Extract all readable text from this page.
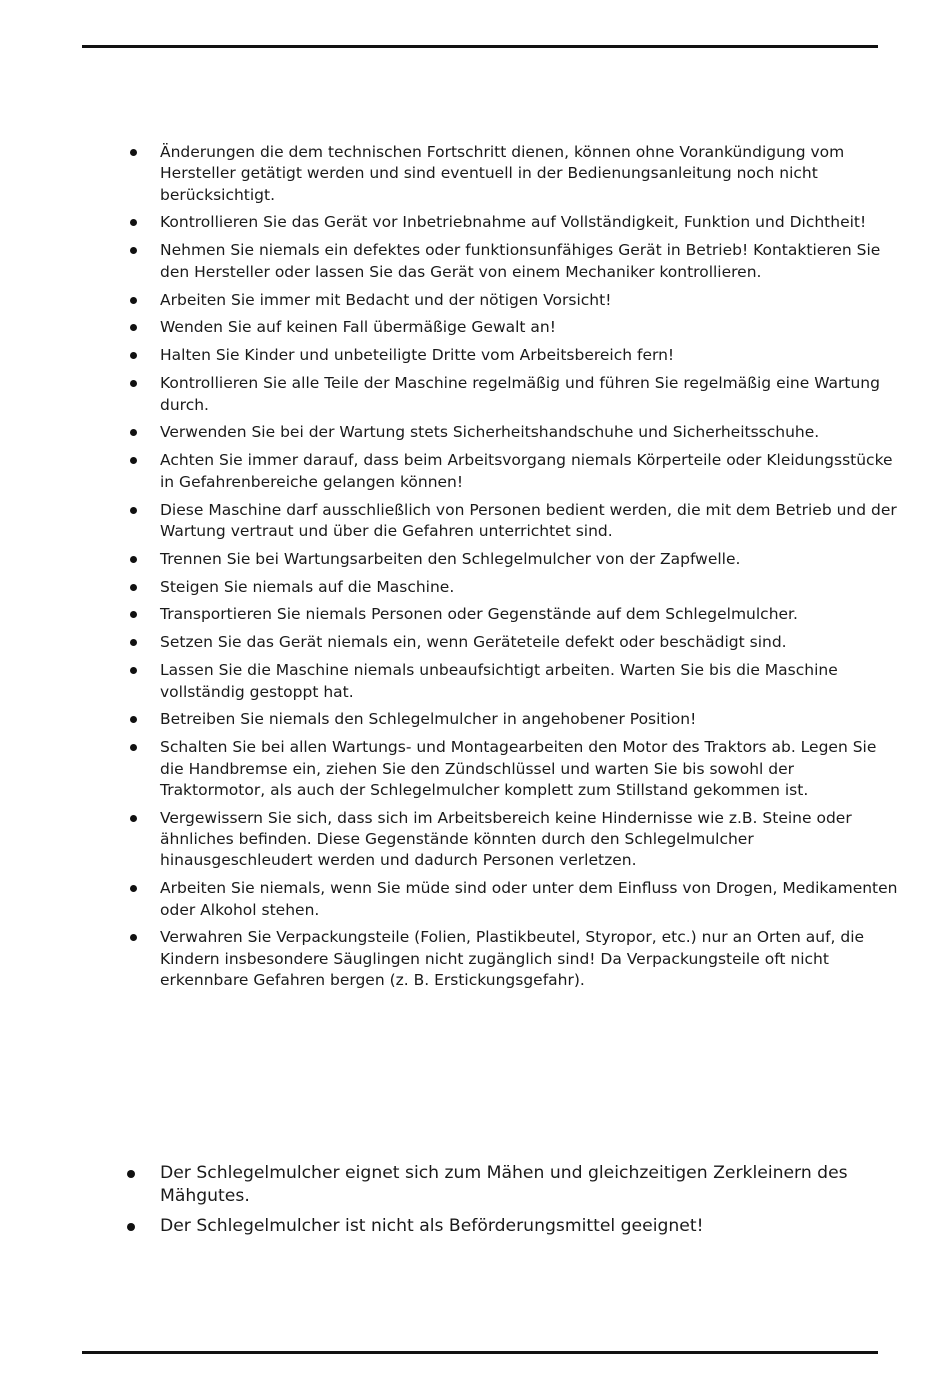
Änderungen die dem technischen Fortschritt dienen, können ohne Vorankündigung vom Hersteller getätigt werden und sind eventuell in der Bedienungsanleitung noch nicht berücksichtigt.
Kontrollieren Sie das Gerät vor Inbetriebnahme auf Vollständigkeit, Funktion und Dichtheit!
Nehmen Sie niemals ein defektes oder funktionsunfähiges Gerät in Betrieb! Kontaktieren Sie den Hersteller oder lassen Sie das Gerät von einem Mechaniker kontrollieren.
Arbeiten Sie immer mit Bedacht und der nötigen Vorsicht!
Wenden Sie auf keinen Fall übermäßige Gewalt an!
Halten Sie Kinder und unbeteiligte Dritte vom Arbeitsbereich fern!
Kontrollieren Sie alle Teile der Maschine regelmäßig und führen Sie regelmäßig eine Wartung durch.
Verwenden Sie bei der Wartung stets Sicherheitshandschuhe und Sicherheitsschuhe.
Achten Sie immer darauf, dass beim Arbeitsvorgang niemals Körperteile oder Kleidungsstücke in Gefahrenbereiche gelangen können!
Diese Maschine darf ausschließlich von Personen bedient werden, die mit dem Betrieb und der Wartung vertraut und über die Gefahren unterrichtet sind.
Trennen Sie bei Wartungsarbeiten den Schlegelmulcher von der Zapfwelle.
Steigen Sie niemals auf die Maschine.
Transportieren Sie niemals Personen oder Gegenstände auf dem Schlegelmulcher.
Setzen Sie das Gerät niemals ein, wenn Geräteteile defekt oder beschädigt sind.
Lassen Sie die Maschine niemals unbeaufsichtigt arbeiten. Warten Sie bis die Maschine vollständig gestoppt hat.
Betreiben Sie niemals den Schlegelmulcher in angehobener Position!
Schalten Sie bei allen Wartungs- und Montagearbeiten den Motor des Traktors ab. Legen Sie die Handbremse ein, ziehen Sie den Zündschlüssel und warten Sie bis sowohl der Traktormotor, als auch der Schlegelmulcher komplett zum Stillstand gekommen ist.
Vergewissern Sie sich, dass sich im Arbeitsbereich keine Hindernisse wie z.B. Steine oder ähnliches befinden. Diese Gegenstände könnten durch den Schlegelmulcher hinausgeschleudert werden und dadurch Personen verletzen.
Arbeiten Sie niemals, wenn Sie müde sind oder unter dem Einfluss von Drogen, Medikamenten oder Alkohol stehen.
Verwahren Sie Verpackungsteile (Folien, Plastikbeutel, Styropor, etc.) nur an Orten auf, die Kindern insbesondere Säuglingen nicht zugänglich sind! Da Verpackungsteile oft nicht erkennbare Gefahren bergen (z. B. Erstickungsgefahr).
Der Schlegelmulcher eignet sich zum Mähen und gleichzeitigen Zerkleinern des Mähgutes.
Der Schlegelmulcher ist nicht als Beförderungsmittel geeignet!
